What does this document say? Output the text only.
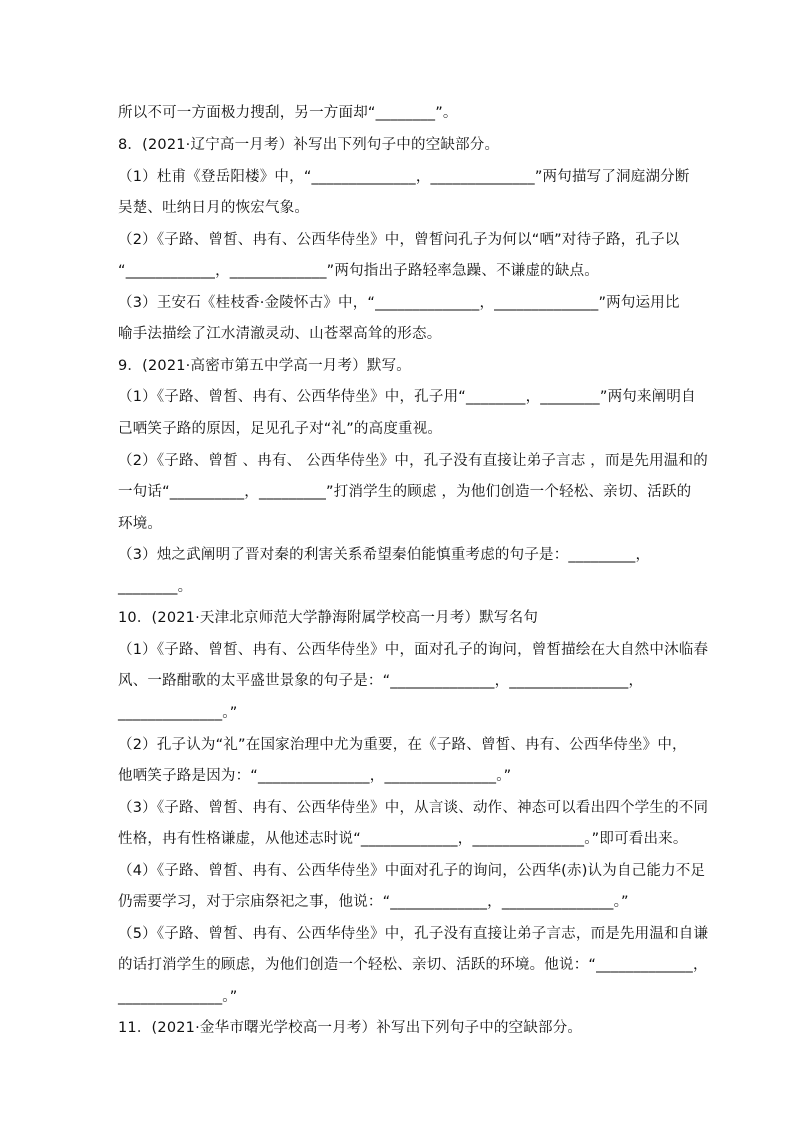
所以不可一方面极力搜刮，另一方面却“________”。
8．(2021·辽宁高一月考）补写出下列句子中的空缺部分。
（1）杜甫《登岳阳楼》中，“______________，______________”两句描写了洞庭湖分断
吴楚、吐纳日月的恢宏气象。
（2）《子路、曾皙、冉有、公西华侍坐》中，曾皙问孔子为何以“哂”对待子路，孔子以
“____________，_____________”两句指出子路轻率急躁、不谦虚的缺点。
（3）王安石《桂枝香·金陵怀古》中，“______________，______________”两句运用比
喻手法描绘了江水清澈灵动、山苍翠高耸的形态。
9．(2021·高密市第五中学高一月考）默写。
（1）《子路、曾皙、冉有、公西华侍坐》中，孔子用“________，________”两句来阐明自
己哂笑子路的原因，足见孔子对“礼”的高度重视。
（2）《子路、曾皙 、冉有、 公西华侍坐》中，孔子没有直接让弟子言志 ，而是先用温和的
一句话“__________，_________”打消学生的顾虑 ，为他们创造一个轻松、亲切、活跃的
环境。
（3）烛之武阐明了晋对秦的利害关系希望秦伯能慎重考虑的句子是：_________，
________。
10．(2021·天津北京师范大学静海附属学校高一月考）默写名句
（1）《子路、曾皙、冉有、公西华侍坐》中，面对孔子的询问，曾皙描绘在大自然中沐临春
风、一路酣歌的太平盛世景象的句子是：“______________，________________，
______________。”
（2）孔子认为“礼”在国家治理中尤为重要，在《子路、曾皙、冉有、公西华侍坐》中，
他哂笑子路是因为：“_______________，_______________。”
（3）《子路、曾皙、冉有、公西华侍坐》中，从言谈、动作、神态可以看出四个学生的不同
性格，冉有性格谦虚，从他述志时说“_____________，_______________。”即可看出来。
（4）《子路、曾皙、冉有、公西华侍坐》中面对孔子的询问，公西华(赤)认为自己能力不足
仍需要学习，对于宗庙祭祀之事，他说：“_____________，_______________。”
（5）《子路、曾皙、冉有、公西华侍坐》中，孔子没有直接让弟子言志，而是先用温和自谦
的话打消学生的顾虑，为他们创造一个轻松、亲切、活跃的环境。他说：“_____________，
______________。”
11．(2021·金华市曙光学校高一月考）补写出下列句子中的空缺部分。
